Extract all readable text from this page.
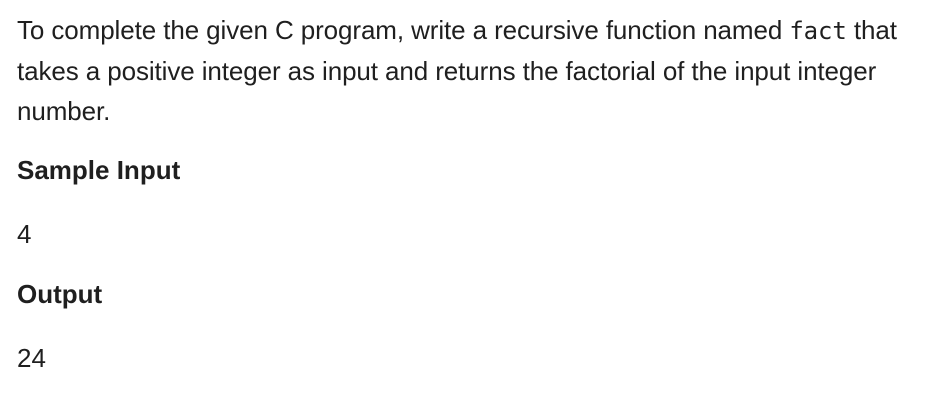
To complete the given C program, write a recursive function named fact that takes a positive integer as input and returns the factorial of the input integer number.

Sample Input

4

Output

24
